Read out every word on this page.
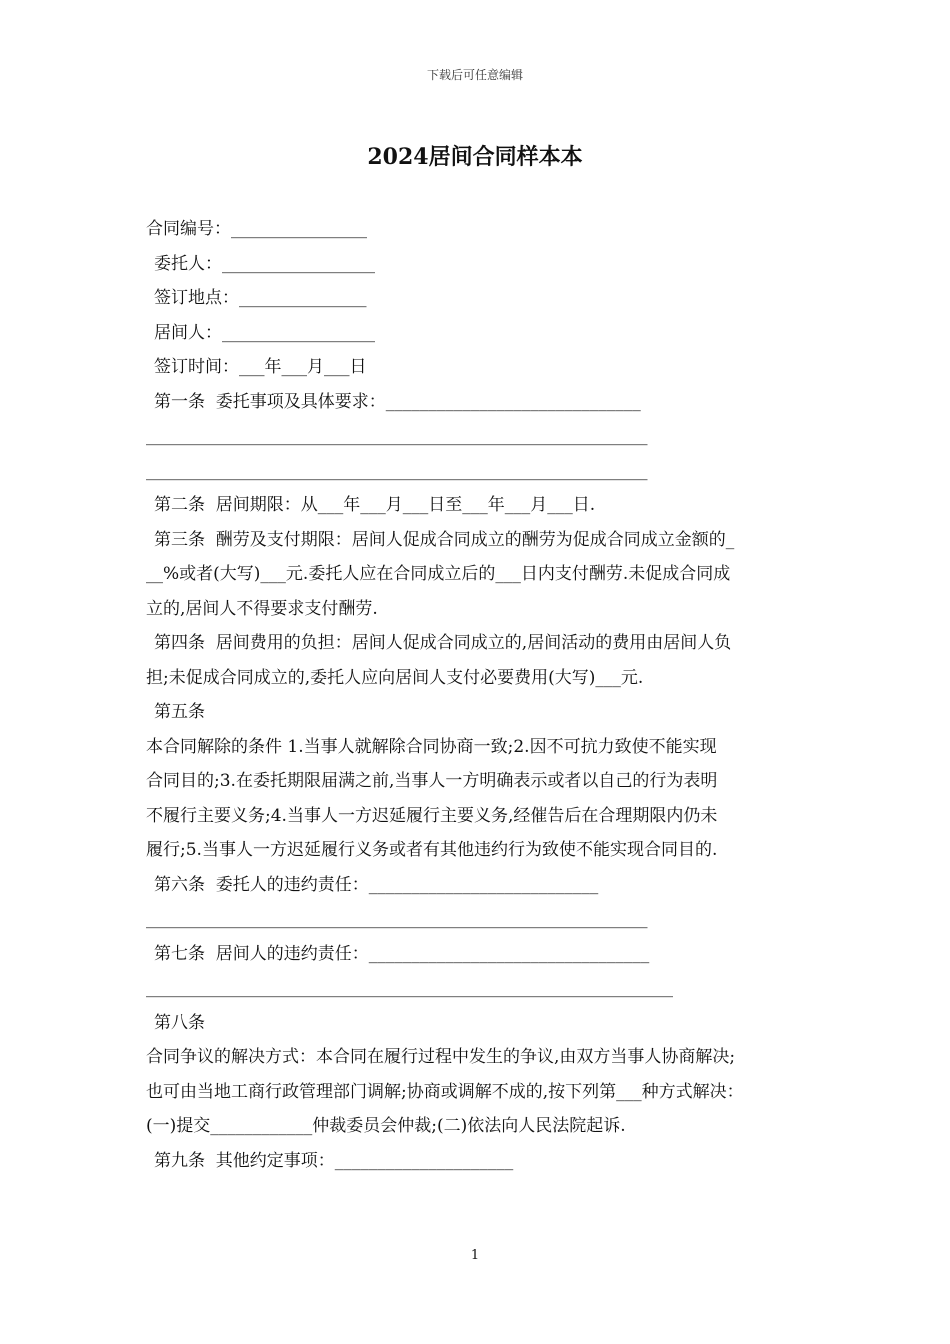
下载后可任意编辑
2024居间合同样本本
合同编号：________________
委托人：__________________
签订地点：_______________
居间人：__________________
签订时间：___年___月___日
第一条  委托事项及具体要求：______________________________
___________________________________________________________
___________________________________________________________
第二条  居间期限：从___年___月___日至___年___月___日.
第三条  酬劳及支付期限：居间人促成合同成立的酬劳为促成合同成立金额的_
__%或者(大写)___元.委托人应在合同成立后的___日内支付酬劳.未促成合同成
立的,居间人不得要求支付酬劳.
第四条  居间费用的负担：居间人促成合同成立的,居间活动的费用由居间人负
担;未促成合同成立的,委托人应向居间人支付必要费用(大写)___元.
第五条
本合同解除的条件 1.当事人就解除合同协商一致;2.因不可抗力致使不能实现
合同目的;3.在委托期限届满之前,当事人一方明确表示或者以自己的行为表明
不履行主要义务;4.当事人一方迟延履行主要义务,经催告后在合理期限内仍未
履行;5.当事人一方迟延履行义务或者有其他违约行为致使不能实现合同目的.
第六条  委托人的违约责任：___________________________
___________________________________________________________
第七条  居间人的违约责任：_________________________________
______________________________________________________________
第八条
合同争议的解决方式：本合同在履行过程中发生的争议,由双方当事人协商解决;
也可由当地工商行政管理部门调解;协商或调解不成的,按下列第___种方式解决：
(一)提交____________仲裁委员会仲裁;(二)依法向人民法院起诉.
第九条  其他约定事项：_____________________
1
